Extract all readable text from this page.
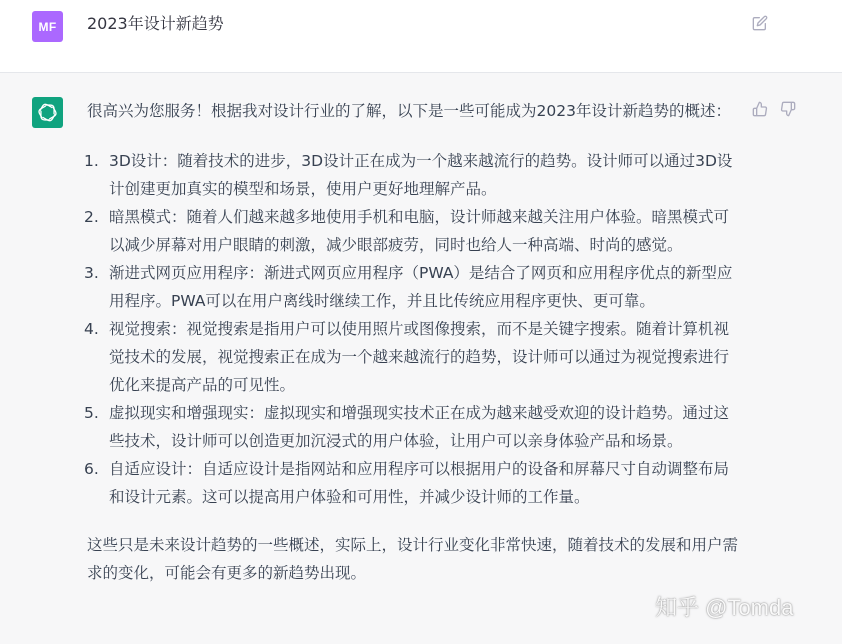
MF 2023年设计新趋势

很高兴为您服务！根据我对设计行业的了解，以下是一些可能成为2023年设计新趋势的概述：

1. 3D设计：随着技术的进步，3D设计正在成为一个越来越流行的趋势。设计师可以通过3D设计创建更加真实的模型和场景，使用户更好地理解产品。
2. 暗黑模式：随着人们越来越多地使用手机和电脑，设计师越来越关注用户体验。暗黑模式可以减少屏幕对用户眼睛的刺激，减少眼部疲劳，同时也给人一种高端、时尚的感觉。
3. 渐进式网页应用程序：渐进式网页应用程序（PWA）是结合了网页和应用程序优点的新型应用程序。PWA可以在用户离线时继续工作，并且比传统应用程序更快、更可靠。
4. 视觉搜索：视觉搜索是指用户可以使用照片或图像搜索，而不是关键字搜索。随着计算机视觉技术的发展，视觉搜索正在成为一个越来越流行的趋势，设计师可以通过为视觉搜索进行优化来提高产品的可见性。
5. 虚拟现实和增强现实：虚拟现实和增强现实技术正在成为越来越受欢迎的设计趋势。通过这些技术，设计师可以创造更加沉浸式的用户体验，让用户可以亲身体验产品和场景。
6. 自适应设计：自适应设计是指网站和应用程序可以根据用户的设备和屏幕尺寸自动调整布局和设计元素。这可以提高用户体验和可用性，并减少设计师的工作量。

这些只是未来设计趋势的一些概述，实际上，设计行业变化非常快速，随着技术的发展和用户需求的变化，可能会有更多的新趋势出现。

知乎 @Tomda
